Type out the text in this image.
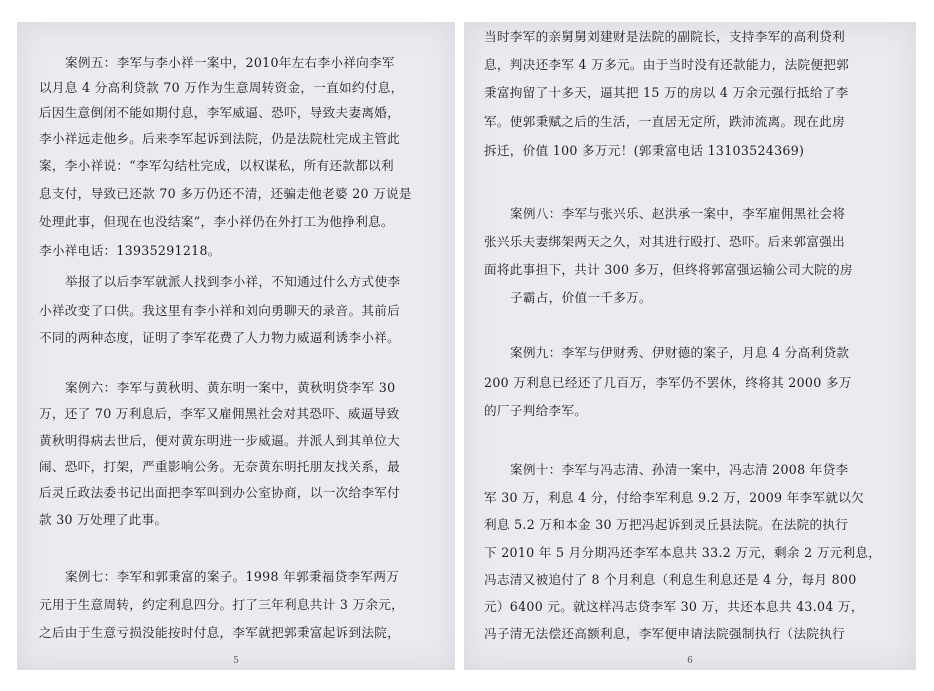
案例五：李军与李小祥一案中，2010年左右李小祥向李军
以月息 4 分高利贷款 70 万作为生意周转资金，一直如约付息，
后因生意倒闭不能如期付息，李军威逼、恐吓，导致夫妻离婚，
李小祥远走他乡。后来李军起诉到法院，仍是法院杜完成主管此
案，李小祥说：“李军勾结杜完成，以权谋私，所有还款都以利
息支付，导致已还款 70 多万仍还不清，还骗走他老婆 20 万说是
处理此事，但现在也没结案”，李小祥仍在外打工为他挣利息。
李小祥电话：13935291218。
举报了以后李军就派人找到李小祥，不知通过什么方式使李
小祥改变了口供。我这里有李小祥和刘向勇聊天的录音。其前后
不同的两种态度，证明了李军花费了人力物力威逼利诱李小祥。
案例六：李军与黄秋明、黄东明一案中，黄秋明贷李军 30
万，还了 70 万利息后，李军又雇佣黑社会对其恐吓、威逼导致
黄秋明得病去世后，便对黄东明进一步威逼。并派人到其单位大
闹、恐吓，打架，严重影响公务。无奈黄东明托朋友找关系，最
后灵丘政法委书记出面把李军叫到办公室协商，以一次给李军付
款 30 万处理了此事。
案例七：李军和郭秉富的案子。1998 年郭秉福贷李军两万
元用于生意周转，约定利息四分。打了三年利息共计 3 万余元，
之后由于生意亏损没能按时付息，李军就把郭秉富起诉到法院，
5
当时李军的亲舅舅刘建财是法院的副院长，支持李军的高利贷利
息，判决还李军 4 万多元。由于当时没有还款能力，法院便把郭
秉富拘留了十多天，逼其把 15 万的房以 4 万余元强行抵给了李
军。使郭秉赋之后的生活，一直居无定所，跌沛流离。现在此房
拆迁，价值 100 多万元！(郭秉富电话 13103524369)
案例八：李军与张兴乐、赵洪承一案中，李军雇佣黑社会将
张兴乐夫妻绑架两天之久，对其进行殴打、恐吓。后来郭富强出
面将此事担下，共计 300 多万，但终将郭富强运输公司大院的房
子霸占，价值一千多万。
案例九：李军与伊财秀、伊财德的案子，月息 4 分高利贷款
200 万利息已经还了几百万，李军仍不罢休，终将其 2000 多万
的厂子判给李军。
案例十：李军与冯志清、孙清一案中，冯志清 2008 年贷李
军 30 万，利息 4 分，付给李军利息 9.2 万，2009 年李军就以欠
利息 5.2 万和本金 30 万把冯起诉到灵丘县法院。在法院的执行
下 2010 年 5 月分期冯还李军本息共 33.2 万元，剩余 2 万元利息，
冯志清又被追付了 8 个月利息（利息生利息还是 4 分，每月 800
元）6400 元。就这样冯志贷李军 30 万，共还本息共 43.04 万，
冯子清无法偿还高额利息，李军便申请法院强制执行（法院执行
6
